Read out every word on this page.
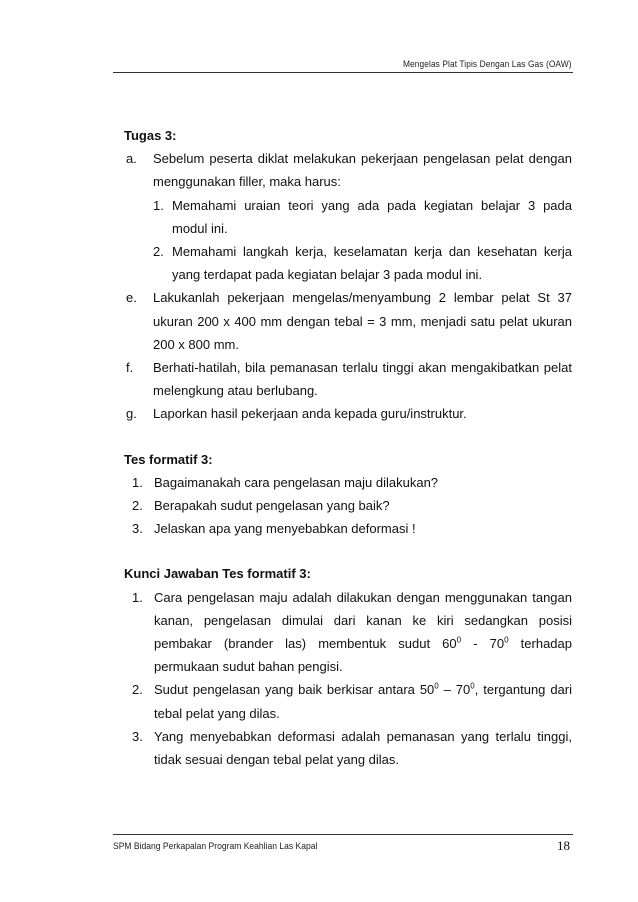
Mengelas Plat Tipis Dengan Las Gas (OAW)

Tugas 3:

a.	Sebelum peserta diklat melakukan pekerjaan pengelasan pelat dengan

menggunakan filler, maka harus:

1. Memahami uraian teori yang ada pada kegiatan belajar 3 pada

modul ini.

2. Memahami langkah kerja, keselamatan kerja dan kesehatan kerja

yang terdapat pada kegiatan belajar 3 pada modul ini.

e.	Lakukanlah pekerjaan mengelas/menyambung 2 lembar pelat St 37

ukuran 200 x 400 mm dengan tebal = 3 mm, menjadi satu pelat ukuran

200 x 800 mm.

f.	Berhati-hatilah, bila pemanasan terlalu tinggi akan mengakibatkan pelat

melengkung atau berlubang.

g.	Laporkan hasil pekerjaan anda kepada guru/instruktur.

Tes formatif 3:

1. Bagaimanakah cara pengelasan maju dilakukan?

2. Berapakah sudut pengelasan yang baik?

3. Jelaskan apa yang menyebabkan deformasi !

Kunci Jawaban Tes formatif 3:

1. Cara pengelasan maju adalah dilakukan dengan menggunakan tangan

kanan, pengelasan dimulai dari kanan ke kiri sedangkan posisi

pembakar (brander las) membentuk sudut $60^0 - 70^0$ terhadap

permukaan sudut bahan pengisi.

2. Sudut pengelasan yang baik berkisar antara $50^0 - 70^0$, tergantung dari

tebal pelat yang dilas.

3. Yang menyebabkan deformasi adalah pemanasan yang terlalu tinggi,

tidak sesuai dengan tebal pelat yang dilas.

SPM Bidang Perkapalan Program Keahlian Las Kapal	18
